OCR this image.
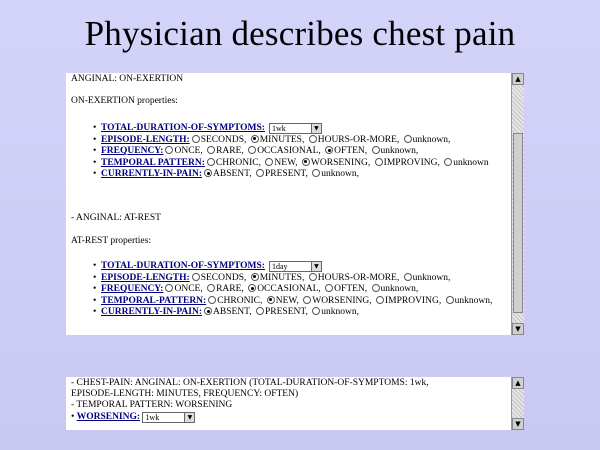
Physician describes chest pain
ANGINAL: ON-EXERTION
ON-EXERTION properties:
• TOTAL-DURATION-OF-SYMPTOMS: 1wk	▼
• EPISODE-LENGTH: SECONDS, MINUTES, HOURS-OR-MORE, unknown,
• FREQUENCY: ONCE, RARE, OCCASIONAL, OFTEN, unknown,
• TEMPORAL PATTERN: CHRONIC, NEW, WORSENING, IMPROVING, unknown
• CURRENTLY-IN-PAIN: ABSENT, PRESENT, unknown,
- ANGINAL: AT-REST
AT-REST properties:
• TOTAL-DURATION-OF-SYMPTOMS: 1day	▼
• EPISODE-LENGTH: SECONDS, MINUTES, HOURS-OR-MORE, unknown,
• FREQUENCY: ONCE, RARE, OCCASIONAL, OFTEN, unknown,
• TEMPORAL-PATTERN: CHRONIC, NEW, WORSENING, IMPROVING, unknown,
• CURRENTLY-IN-PAIN: ABSENT, PRESENT, unknown,
▲
▼
- CHEST-PAIN: ANGINAL: ON-EXERTION (TOTAL-DURATION-OF-SYMPTOMS: 1wk,
EPISODE-LENGTH: MINUTES, FREQUENCY: OFTEN)
- TEMPORAL PATTERN: WORSENING
• WORSENING: 1wk	▼
▲
▼
